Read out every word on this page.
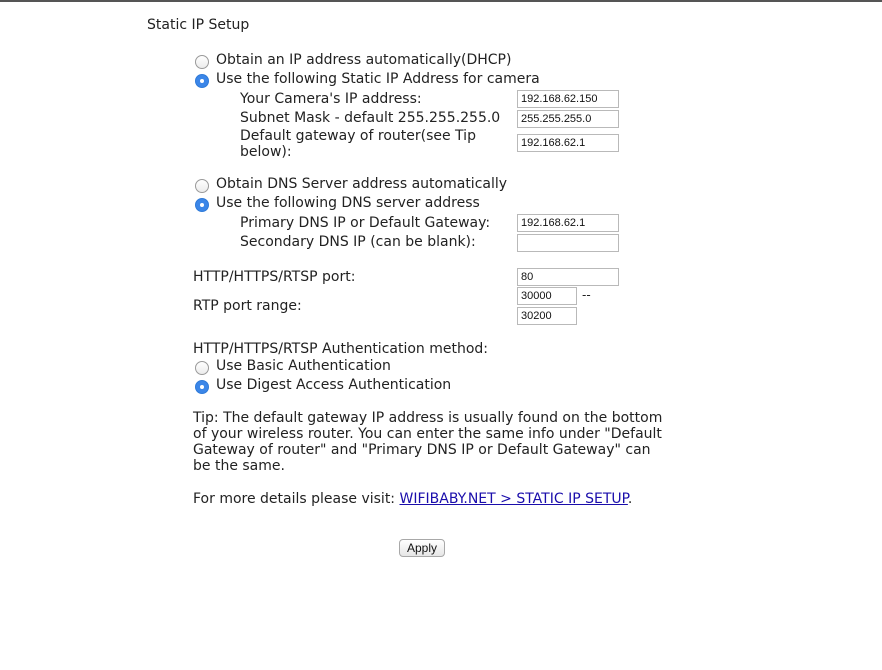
Static IP Setup
Obtain an IP address automatically(DHCP)
Use the following Static IP Address for camera
Your Camera's IP address:
192.168.62.150
Subnet Mask - default 255.255.255.0
255.255.255.0
Default gateway of router(see Tip
below):
192.168.62.1
Obtain DNS Server address automatically
Use the following DNS server address
Primary DNS IP or Default Gateway:
192.168.62.1
Secondary DNS IP (can be blank):
HTTP/HTTPS/RTSP port:
80
RTP port range:
30000
--
30200
HTTP/HTTPS/RTSP Authentication method:
Use Basic Authentication
Use Digest Access Authentication
Tip: The default gateway IP address is usually found on the bottom of your wireless router. You can enter the same info under "Default Gateway of router" and "Primary DNS IP or Default Gateway" can be the same.
For more details please visit: WIFIBABY.NET > STATIC IP SETUP.
Apply
